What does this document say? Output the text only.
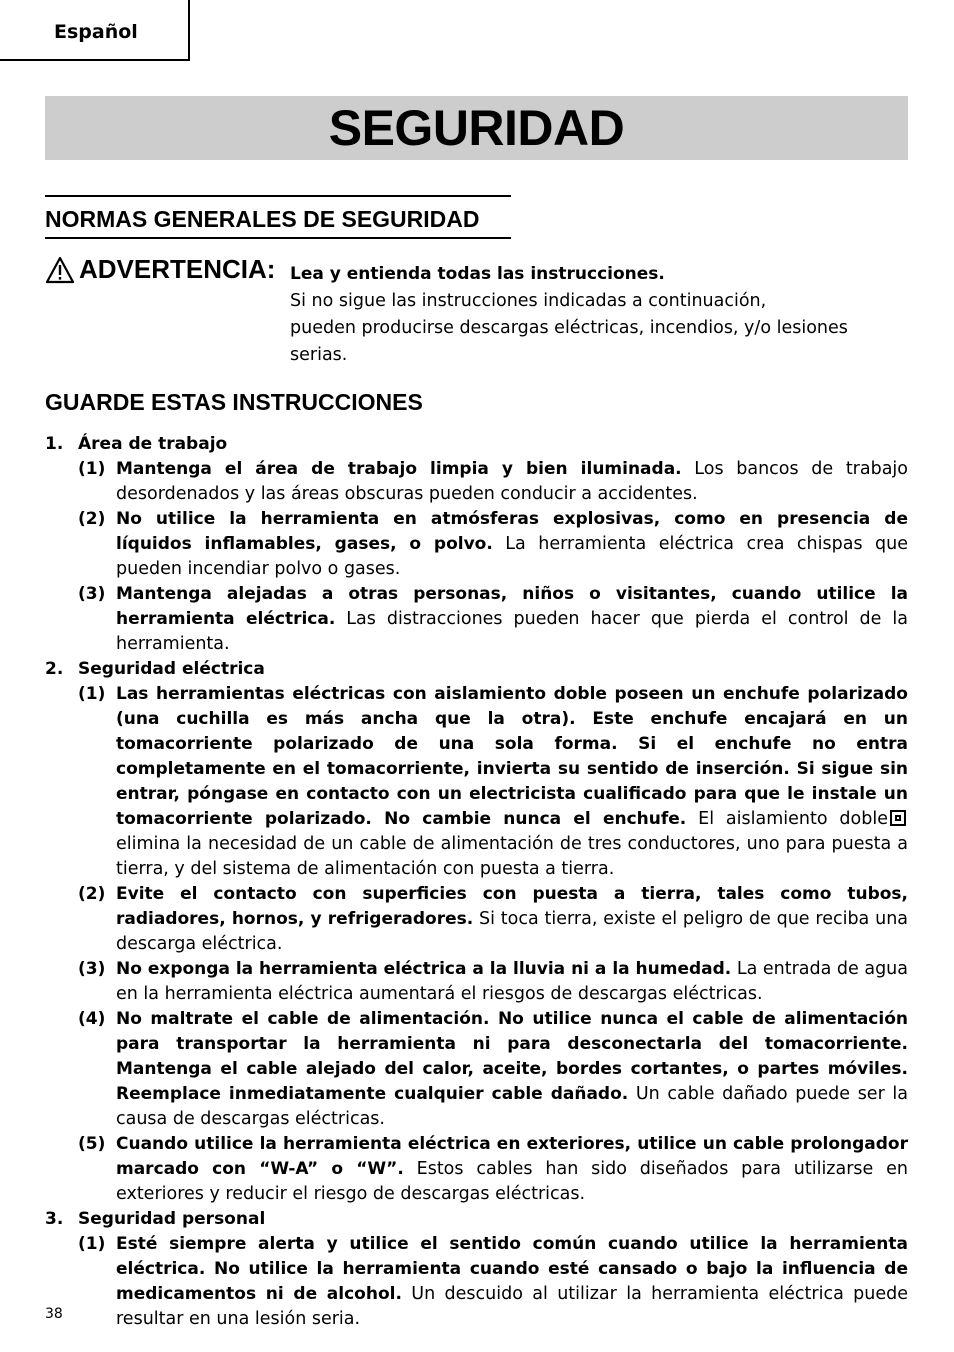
Español
SEGURIDAD
NORMAS GENERALES DE SEGURIDAD
ADVERTENCIA: Lea y entienda todas las instrucciones.
Si no sigue las instrucciones indicadas a continuación,
pueden producirse descargas eléctricas, incendios, y/o lesiones
serias.
GUARDE ESTAS INSTRUCCIONES
1. Área de trabajo
(1) Mantenga el área de trabajo limpia y bien iluminada. Los bancos de trabajo desordenados y las áreas obscuras pueden conducir a accidentes.
(2) No utilice la herramienta en atmósferas explosivas, como en presencia de líquidos inflamables, gases, o polvo. La herramienta eléctrica crea chispas que pueden incendiar polvo o gases.
(3) Mantenga alejadas a otras personas, niños o visitantes, cuando utilice la herramienta eléctrica. Las distracciones pueden hacer que pierda el control de la herramienta.
2. Seguridad eléctrica
(1) Las herramientas eléctricas con aislamiento doble poseen un enchufe polarizado (una cuchilla es más ancha que la otra). Este enchufe encajará en un tomacorriente polarizado de una sola forma. Si el enchufe no entra completamente en el tomacorriente, invierta su sentido de inserción. Si sigue sin entrar, póngase en contacto con un electricista cualificado para que le instale un tomacorriente polarizado. No cambie nunca el enchufe. El aislamiento doble elimina la necesidad de un cable de alimentación de tres conductores, uno para puesta a tierra, y del sistema de alimentación con puesta a tierra.
(2) Evite el contacto con superficies con puesta a tierra, tales como tubos, radiadores, hornos, y refrigeradores. Si toca tierra, existe el peligro de que reciba una descarga eléctrica.
(3) No exponga la herramienta eléctrica a la lluvia ni a la humedad. La entrada de agua en la herramienta eléctrica aumentará el riesgos de descargas eléctricas.
(4) No maltrate el cable de alimentación. No utilice nunca el cable de alimentación para transportar la herramienta ni para desconectarla del tomacorriente. Mantenga el cable alejado del calor, aceite, bordes cortantes, o partes móviles. Reemplace inmediatamente cualquier cable dañado. Un cable dañado puede ser la causa de descargas eléctricas.
(5) Cuando utilice la herramienta eléctrica en exteriores, utilice un cable prolongador marcado con “W-A” o “W”. Estos cables han sido diseñados para utilizarse en exteriores y reducir el riesgo de descargas eléctricas.
3. Seguridad personal
(1) Esté siempre alerta y utilice el sentido común cuando utilice la herramienta eléctrica. No utilice la herramienta cuando esté cansado o bajo la influencia de medicamentos ni de alcohol. Un descuido al utilizar la herramienta eléctrica puede resultar en una lesión seria.
38
